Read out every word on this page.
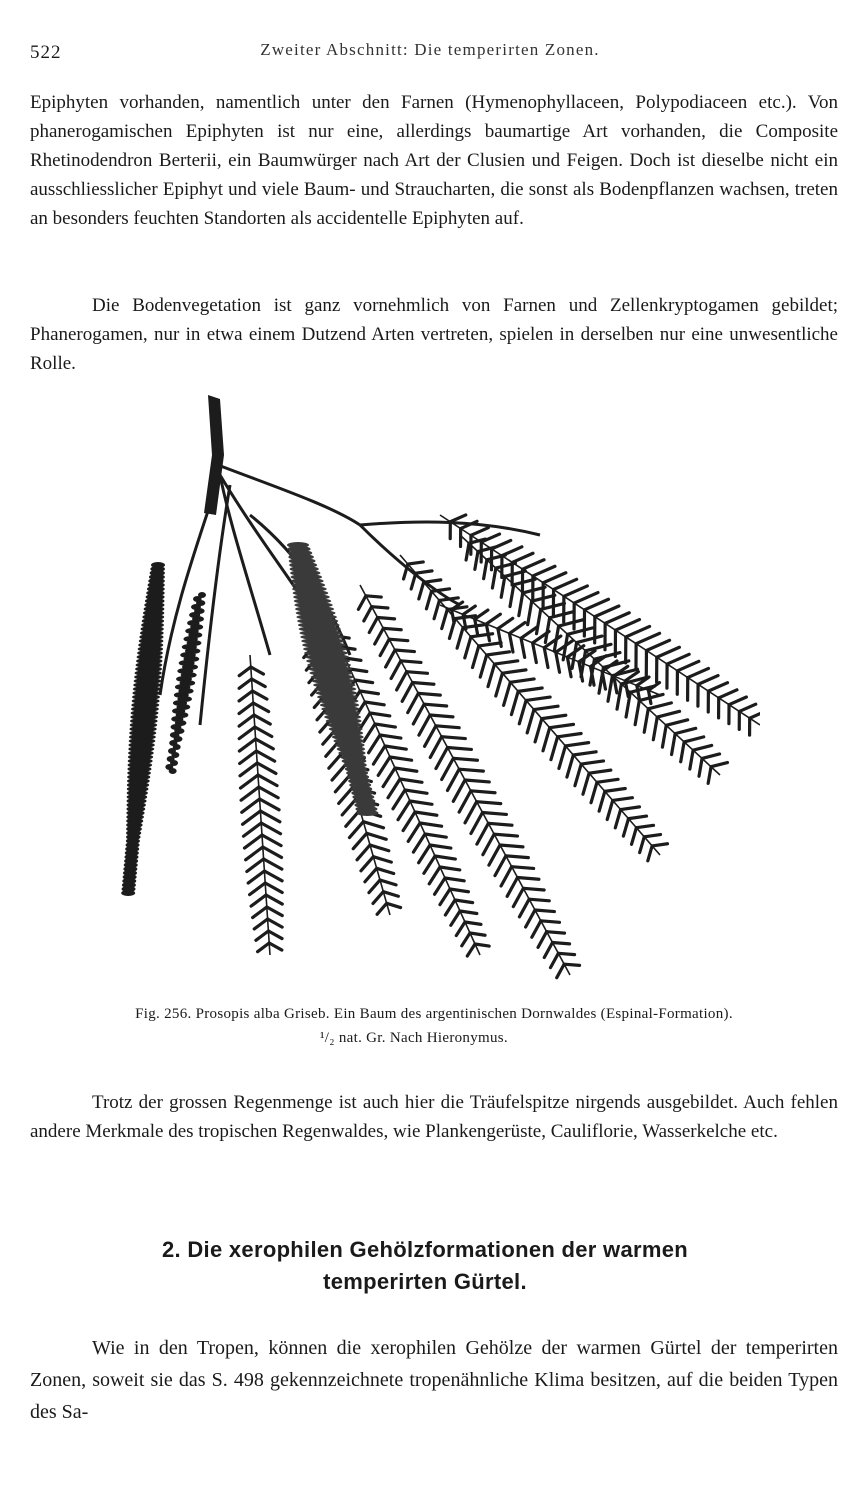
522	Zweiter Abschnitt: Die temperirten Zonen.

Epiphyten vorhanden, namentlich unter den Farnen (Hymenophyllaceen, Polypodiaceen etc.). Von phanerogamischen Epiphyten ist nur eine, allerdings baumartige Art vorhanden, die Composite Rhetinodendron Berterii, ein Baumwürger nach Art der Clusien und Feigen. Doch ist dieselbe nicht ein ausschliesslicher Epiphyt und viele Baum- und Straucharten, die sonst als Bodenpflanzen wachsen, treten an besonders feuchten Standorten als accidentelle Epiphyten auf.

Die Bodenvegetation ist ganz vornehmlich von Farnen und Zellenkryptogamen gebildet; Phanerogamen, nur in etwa einem Dutzend Arten vertreten, spielen in derselben nur eine unwesentliche Rolle.

Fig. 256. Prosopis alba Griseb. Ein Baum des argentinischen Dornwaldes (Espinal-Formation).
¹/₂ nat. Gr. Nach Hieronymus.

Trotz der grossen Regenmenge ist auch hier die Träufelspitze nirgends ausgebildet. Auch fehlen andere Merkmale des tropischen Regenwaldes, wie Plankengerüste, Cauliflorie, Wasserkelche etc.

2. Die xerophilen Gehölzformationen der warmen
temperirten Gürtel.

Wie in den Tropen, können die xerophilen Gehölze der warmen Gürtel der temperirten Zonen, soweit sie das S. 498 gekennzeichnete tropenähnliche Klima besitzen, auf die beiden Typen des Sa-
